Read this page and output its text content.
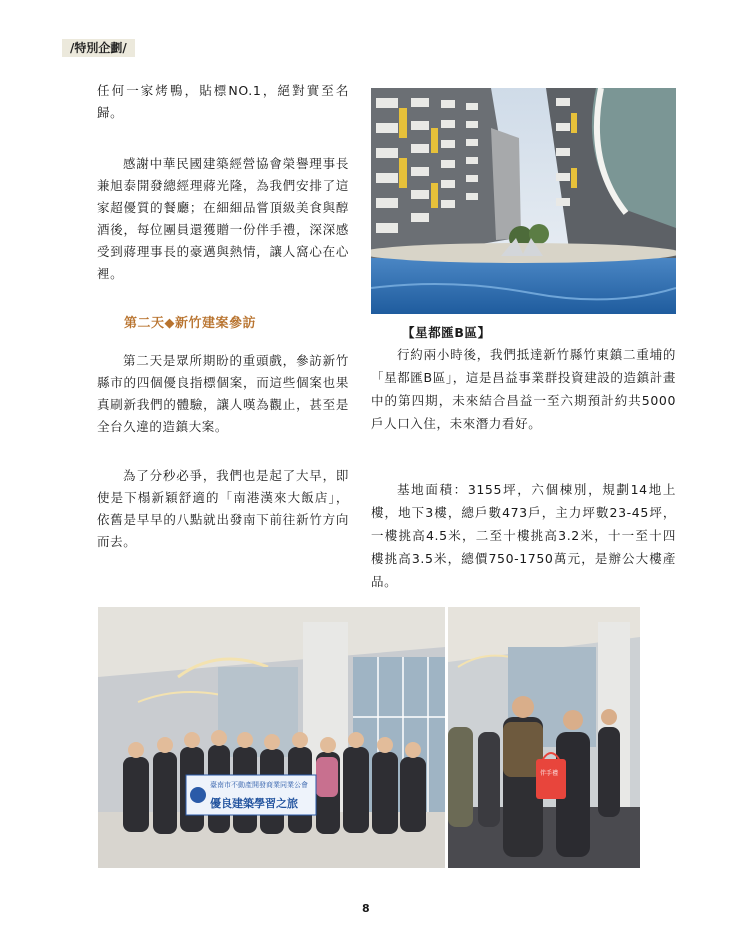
/特別企劃/

任何一家烤鴨，貼標NO.1，絕對實至名歸。

感謝中華民國建築經營協會榮譽理事長兼旭泰開發總經理蔣光隆，為我們安排了這家超優質的餐廳；在細細品嘗頂級美食與醇酒後，每位團員還獲贈一份伴手禮，深深感受到蔣理事長的豪邁與熱情，讓人窩心在心裡。

第二天◆新竹建案參訪

第二天是眾所期盼的重頭戲，參訪新竹縣市的四個優良指標個案，而這些個案也果真刷新我們的體驗，讓人嘆為觀止，甚至是全台久違的造鎮大案。

為了分秒必爭，我們也是起了大早，即使是下榻新穎舒適的「南港漢來大飯店」，依舊是早早的八點就出發南下前往新竹方向而去。

【星都匯B區】

行約兩小時後，我們抵達新竹縣竹東鎮二重埔的「星都匯B區」，這是昌益事業群投資建設的造鎮計畫中的第四期，未來結合昌益一至六期預計約共5000戶人口入住，未來潛力看好。

基地面積：3155坪，六個棟別，規劃14地上樓，地下3樓，總戶數473戶，主力坪數23-45坪，一樓挑高4.5米，二至十樓挑高3.2米，十一至十四樓挑高3.5米，總價750-1750萬元，是辦公大樓產品。

臺南市不動產開發商業同業公會
優良建築學習之旅
伴手禮
8
